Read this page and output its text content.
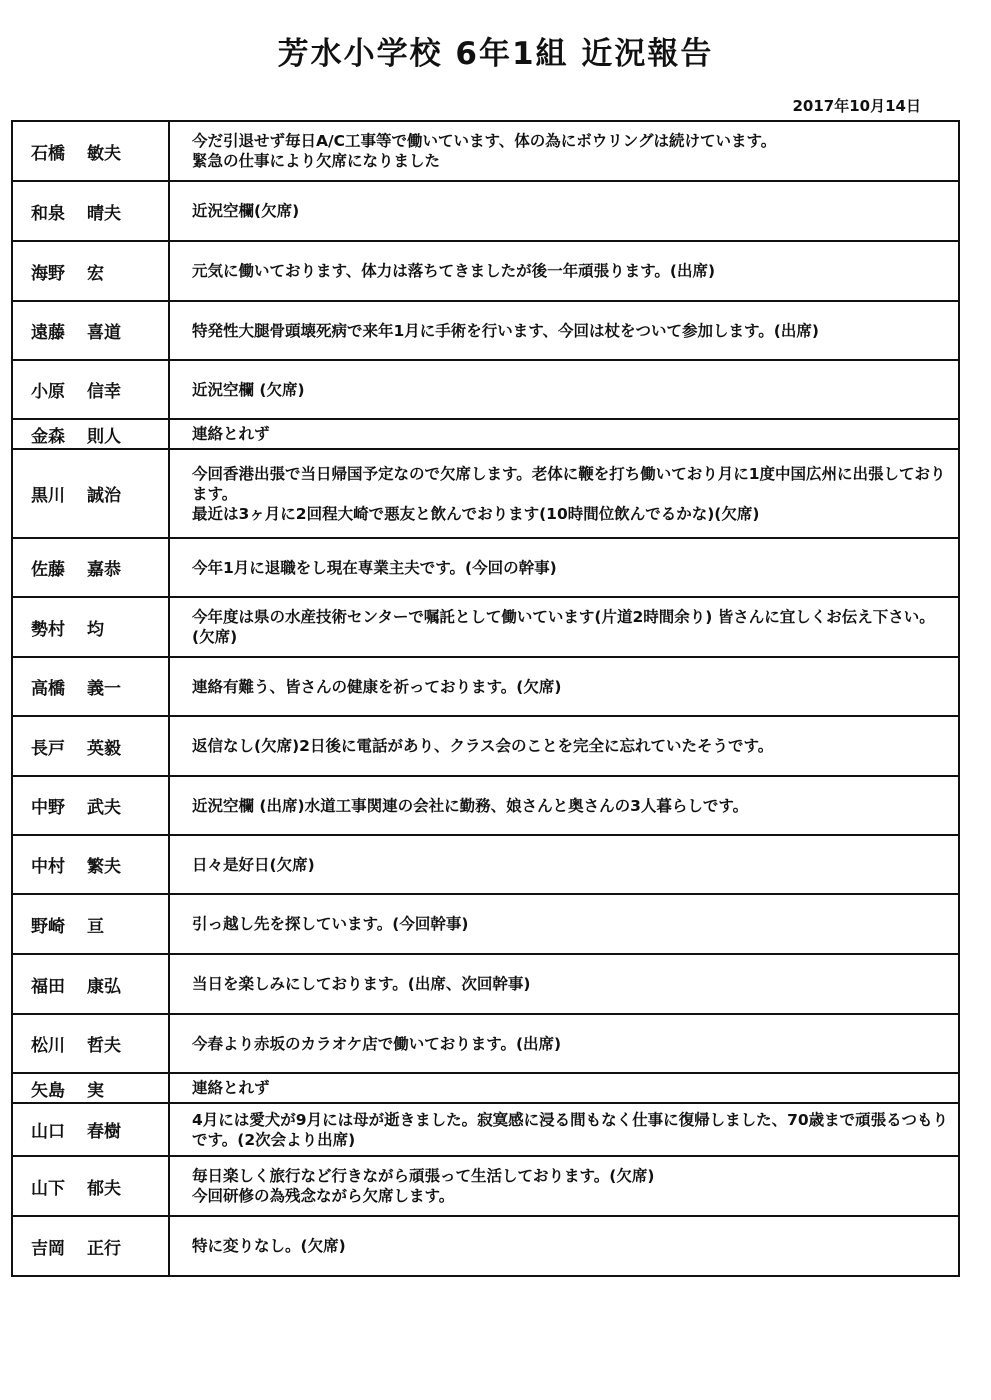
芳水小学校 6年1組 近況報告
2017年10月14日
石橋 敏夫	今だ引退せず毎日A/C工事等で働いています、体の為にボウリングは続けています。
緊急の仕事により欠席になりました

和泉 晴夫	近況空欄(欠席)

海野 宏	元気に働いております、体力は落ちてきましたが後一年頑張ります。(出席)

遠藤 喜道	特発性大腿骨頭壊死病で来年1月に手術を行います、今回は杖をついて参加します。(出席)

小原 信幸	近況空欄 (欠席)

金森 則人	連絡とれず

黒川 誠治	今回香港出張で当日帰国予定なので欠席します。老体に鞭を打ち働いており月に1度中国広州に出張しております。
最近は3ヶ月に2回程大崎で悪友と飲んでおります(10時間位飲んでるかな)(欠席)

佐藤 嘉恭	今年1月に退職をし現在専業主夫です。(今回の幹事)

勢村 均	今年度は県の水産技術センターで嘱託として働いています(片道2時間余り) 皆さんに宜しくお伝え下さい。(欠席)

高橋 義一	連絡有難う、皆さんの健康を祈っております。(欠席)

長戸 英毅	返信なし(欠席)2日後に電話があり、クラス会のことを完全に忘れていたそうです。

中野 武夫	近況空欄 (出席)水道工事関連の会社に勤務、娘さんと奥さんの3人暮らしです。

中村 繁夫	日々是好日(欠席)

野崎 亘	引っ越し先を探しています。(今回幹事)

福田 康弘	当日を楽しみにしております。(出席、次回幹事)

松川 哲夫	今春より赤坂のカラオケ店で働いております。(出席)

矢島 実	連絡とれず

山口 春樹	4月には愛犬が9月には母が逝きました。寂寞感に浸る間もなく仕事に復帰しました、70歳まで頑張るつもりです。(2次会より出席)

山下 郁夫	毎日楽しく旅行など行きながら頑張って生活しております。(欠席)
今回研修の為残念ながら欠席します。

吉岡 正行	特に変りなし。(欠席)
